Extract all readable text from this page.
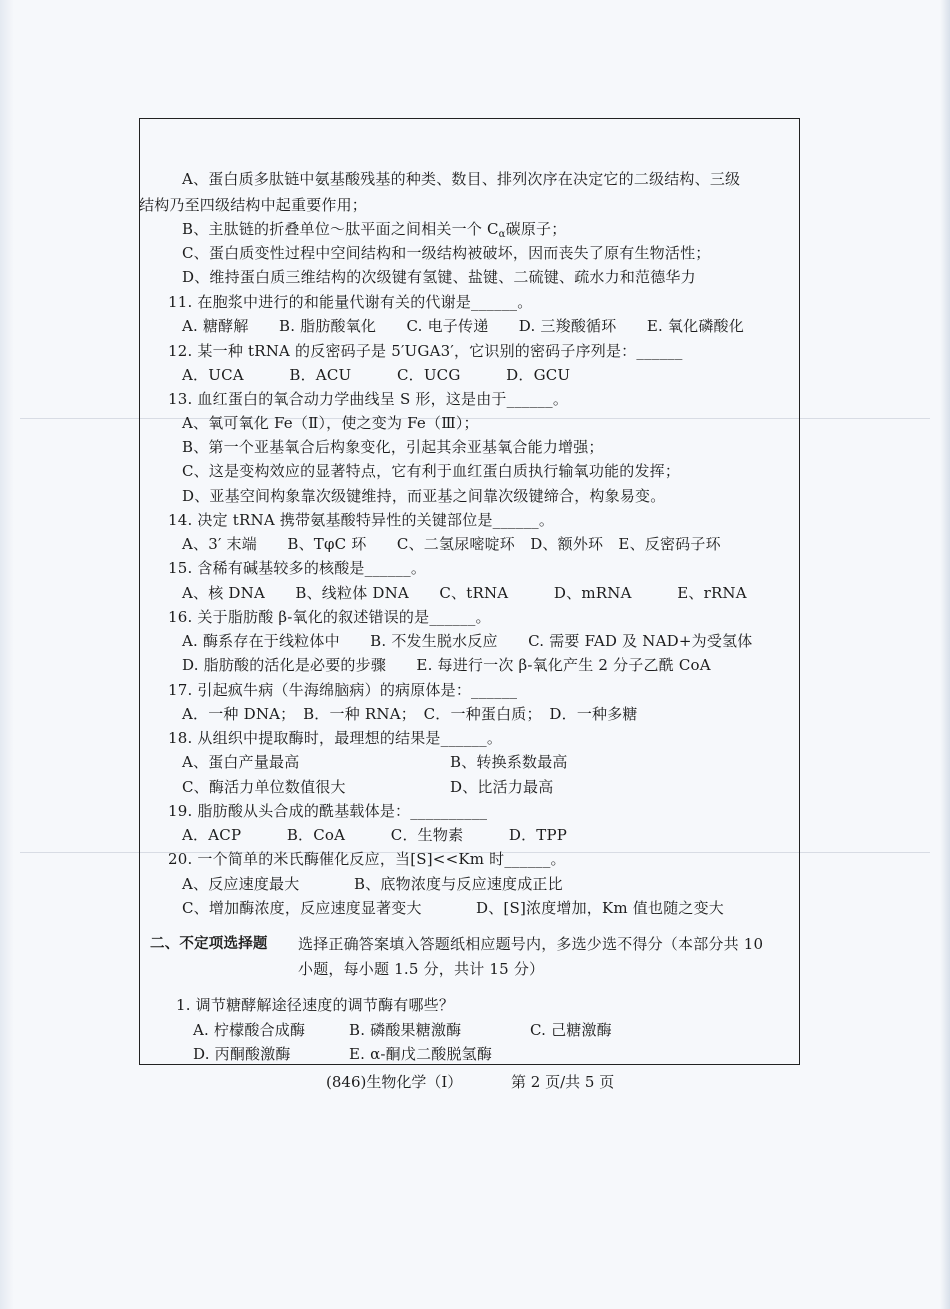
A、蛋白质多肽链中氨基酸残基的种类、数目、排列次序在决定它的二级结构、三级
结构乃至四级结构中起重要作用；
B、主肽链的折叠单位～肽平面之间相关一个 $C_\alpha$碳原子；
C、蛋白质变性过程中空间结构和一级结构被破坏，因而丧失了原有生物活性；
D、维持蛋白质三维结构的次级键有氢键、盐键、二硫键、疏水力和范德华力
11. 在胞浆中进行的和能量代谢有关的代谢是______。
A. 糖酵解　　B. 脂肪酸氧化　　C. 电子传递　　D. 三羧酸循环　　E. 氧化磷酸化
12. 某一种 tRNA 的反密码子是 5′UGA3′，它识别的密码子序列是：______
A．UCA　　　B．ACU　　　C．UCG　　　D．GCU
13. 血红蛋白的氧合动力学曲线呈 S 形，这是由于______。
A、氧可氧化 Fe（Ⅱ），使之变为 Fe（Ⅲ）；
B、第一个亚基氧合后构象变化，引起其余亚基氧合能力增强；
C、这是变构效应的显著特点，它有利于血红蛋白质执行输氧功能的发挥；
D、亚基空间构象靠次级键维持，而亚基之间靠次级键缔合，构象易变。
14. 决定 tRNA 携带氨基酸特异性的关键部位是______。
A、3′ 末端　　B、TφC 环　　C、二氢尿嘧啶环　D、额外环　E、反密码子环
15. 含稀有碱基较多的核酸是______。
A、核 DNA　　B、线粒体 DNA　　C、tRNA　　　D、mRNA　　　E、rRNA
16. 关于脂肪酸 β-氧化的叙述错误的是______。
A. 酶系存在于线粒体中　　B. 不发生脱水反应　　C. 需要 FAD 及 NAD+为受氢体
D. 脂肪酸的活化是必要的步骤　　E. 每进行一次 β-氧化产生 2 分子乙酰 CoA
17. 引起疯牛病（牛海绵脑病）的病原体是：______
A．一种 DNA；　B．一种 RNA；　C．一种蛋白质；　D．一种多糖
18. 从组织中提取酶时，最理想的结果是______。
A、蛋白产量最高	B、转换系数最高
C、酶活力单位数值很大	D、比活力最高
19. 脂肪酸从头合成的酰基载体是：__________
A．ACP　　　B．CoA　　　C．生物素　　　D．TPP
20. 一个简单的米氏酶催化反应，当[S]<<Km 时______。
A、反应速度最大	B、底物浓度与反应速度成正比
C、增加酶浓度，反应速度显著变大	D、[S]浓度增加，Km 值也随之变大
二、不定项选择题 选择正确答案填入答题纸相应题号内，多选少选不得分（本部分共 10
小题，每小题 1.5 分，共计 15 分）
1. 调节糖酵解途径速度的调节酶有哪些？
A. 柠檬酸合成酶	B. 磷酸果糖激酶	C. 己糖激酶
D. 丙酮酸激酶	E. α-酮戊二酸脱氢酶
(846)生物化学（Ⅰ）	第 2 页/共 5 页
